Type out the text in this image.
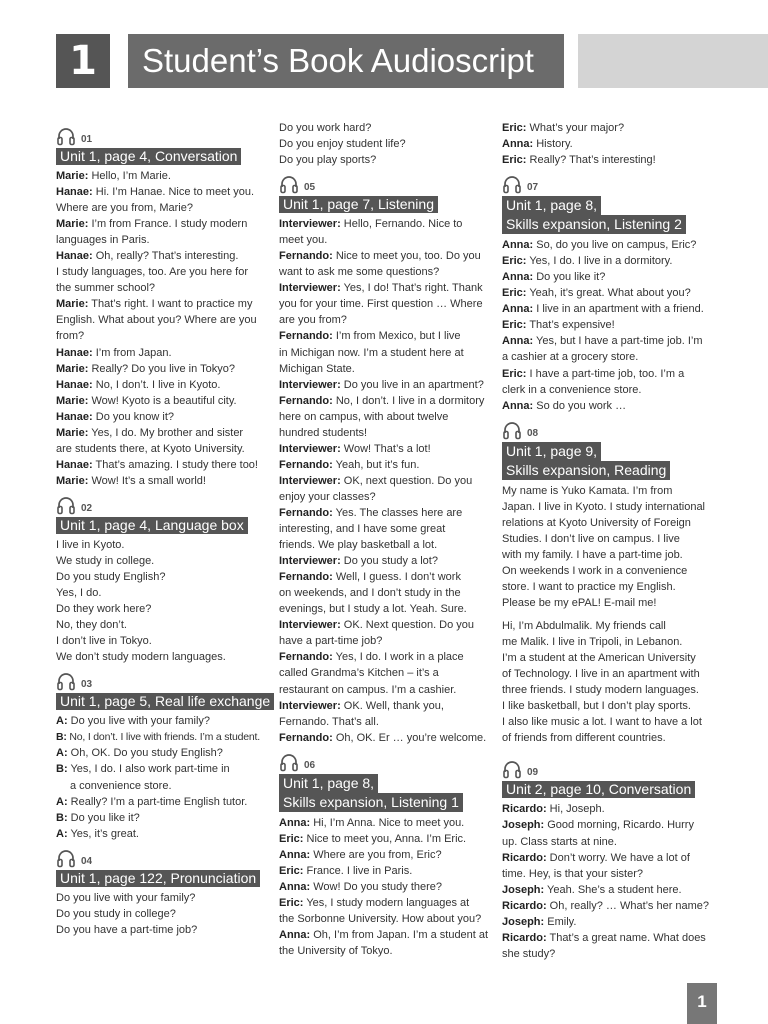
1	Student’s Book Audioscript
01
Unit 1, page 4, Conversation

Marie: Hello, I’m Marie.
Hanae: Hi. I’m Hanae. Nice to meet you.
Where are you from, Marie?
Marie: I’m from France. I study modern
languages in Paris.
Hanae: Oh, really? That’s interesting.
I study languages, too. Are you here for
the summer school?
Marie: That’s right. I want to practice my
English. What about you? Where are you
from?
Hanae: I’m from Japan.
Marie: Really? Do you live in Tokyo?
Hanae: No, I don’t. I live in Kyoto.
Marie: Wow! Kyoto is a beautiful city.
Hanae: Do you know it?
Marie: Yes, I do. My brother and sister
are students there, at Kyoto University.
Hanae: That’s amazing. I study there too!
Marie: Wow! It’s a small world!
02
Unit 1, page 4, Language box

I live in Kyoto.
We study in college.
Do you study English?
Yes, I do.
Do they work here?
No, they don’t.
I don’t live in Tokyo.
We don’t study modern languages.
03
Unit 1, page 5, Real life exchange

A: Do you live with your family?
B: No, I don’t. I live with friends. I’m a student.
A: Oh, OK. Do you study English?
B: Yes, I do. I also work part-time in
a convenience store.
A: Really? I’m a part-time English tutor.
B: Do you like it?
A: Yes, it’s great.
04
Unit 1, page 122, Pronunciation

Do you live with your family?
Do you study in college?
Do you have a part-time job?
Do you work hard?
Do you enjoy student life?
Do you play sports?
05
Unit 1, page 7, Listening

Interviewer: Hello, Fernando. Nice to
meet you.
Fernando: Nice to meet you, too. Do you
want to ask me some questions?
Interviewer: Yes, I do! That’s right. Thank
you for your time. First question … Where
are you from?
Fernando: I’m from Mexico, but I live
in Michigan now. I’m a student here at
Michigan State.
Interviewer: Do you live in an apartment?
Fernando: No, I don’t. I live in a dormitory
here on campus, with about twelve
hundred students!
Interviewer: Wow! That’s a lot!
Fernando: Yeah, but it’s fun.
Interviewer: OK, next question. Do you
enjoy your classes?
Fernando: Yes. The classes here are
interesting, and I have some great
friends. We play basketball a lot.
Interviewer: Do you study a lot?
Fernando: Well, I guess. I don’t work
on weekends, and I don’t study in the
evenings, but I study a lot. Yeah. Sure.
Interviewer: OK. Next question. Do you
have a part-time job?
Fernando: Yes, I do. I work in a place
called Grandma’s Kitchen – it’s a
restaurant on campus. I’m a cashier.
Interviewer: OK. Well, thank you,
Fernando. That’s all.
Fernando: Oh, OK. Er … you’re welcome.
06
Unit 1, page 8,
Skills expansion, Listening 1
Anna: Hi, I’m Anna. Nice to meet you.
Eric: Nice to meet you, Anna. I’m Eric.
Anna: Where are you from, Eric?
Eric: France. I live in Paris.
Anna: Wow! Do you study there?
Eric: Yes, I study modern languages at
the Sorbonne University. How about you?
Anna: Oh, I’m from Japan. I’m a student at
the University of Tokyo.
Eric: What’s your major?
Anna: History.
Eric: Really? That’s interesting!
07
Unit 1, page 8,
Skills expansion, Listening 2
Anna: So, do you live on campus, Eric?
Eric: Yes, I do. I live in a dormitory.
Anna: Do you like it?
Eric: Yeah, it’s great. What about you?
Anna: I live in an apartment with a friend.
Eric: That’s expensive!
Anna: Yes, but I have a part-time job. I’m
a cashier at a grocery store.
Eric: I have a part-time job, too. I’m a
clerk in a convenience store.
Anna: So do you work …
08
Unit 1, page 9,
Skills expansion, Reading
My name is Yuko Kamata. I’m from
Japan. I live in Kyoto. I study international
relations at Kyoto University of Foreign
Studies. I don’t live on campus. I live
with my family. I have a part-time job.
On weekends I work in a convenience
store. I want to practice my English.
Please be my ePAL! E-mail me!
Hi, I’m Abdulmalik. My friends call
me Malik. I live in Tripoli, in Lebanon.
I’m a student at the American University
of Technology. I live in an apartment with
three friends. I study modern languages.
I like basketball, but I don’t play sports.
I also like music a lot. I want to have a lot
of friends from different countries.
09
Unit 2, page 10, Conversation

Ricardo: Hi, Joseph.
Joseph: Good morning, Ricardo. Hurry
up. Class starts at nine.
Ricardo: Don’t worry. We have a lot of
time. Hey, is that your sister?
Joseph: Yeah. She’s a student here.
Ricardo: Oh, really? … What’s her name?
Joseph: Emily.
Ricardo: That’s a great name. What does
she study?
1
